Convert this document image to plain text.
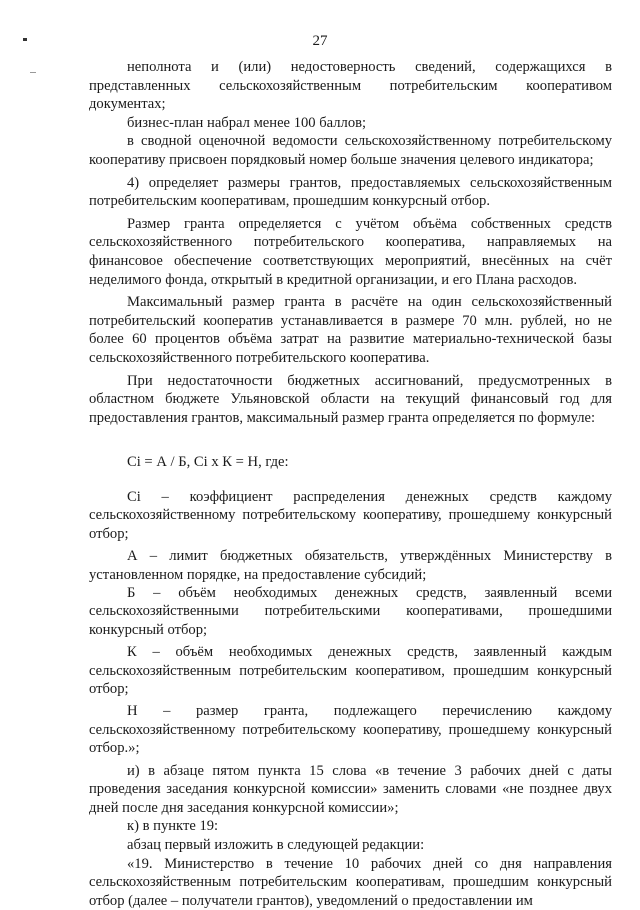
27

неполнота и (или) недостоверность сведений, содержащихся в представленных сельскохозяйственным потребительским кооперативом документах;

бизнес-план набрал менее 100 баллов;

в сводной оценочной ведомости сельскохозяйственному потребительскому кооперативу присвоен порядковый номер больше значения целевого индикатора;

4) определяет размеры грантов, предоставляемых сельскохозяйственным потребительским кооперативам, прошедшим конкурсный отбор.

Размер гранта определяется с учётом объёма собственных средств сельскохозяйственного потребительского кооператива, направляемых на финансовое обеспечение соответствующих мероприятий, внесённых на счёт неделимого фонда, открытый в кредитной организации, и его Плана расходов.

Максимальный размер гранта в расчёте на один сельскохозяйственный потребительский кооператив устанавливается в размере 70 млн. рублей, но не более 60 процентов объёма затрат на развитие материально-технической базы сельскохозяйственного потребительского кооператива.

При недостаточности бюджетных ассигнований, предусмотренных в областном бюджете Ульяновской области на текущий финансовый год для предоставления грантов, максимальный размер гранта определяется по формуле:

Ci = А / Б, Ci х К = Н, где:

Ci – коэффициент распределения денежных средств каждому сельскохозяйственному потребительскому кооперативу, прошедшему конкурсный отбор;

А – лимит бюджетных обязательств, утверждённых Министерству в установленном порядке, на предоставление субсидий;

Б – объём необходимых денежных средств, заявленный всеми сельскохозяйственными потребительскими кооперативами, прошедшими конкурсный отбор;

К – объём необходимых денежных средств, заявленный каждым сельскохозяйственным потребительским кооперативом, прошедшим конкурсный отбор;

Н – размер гранта, подлежащего перечислению каждому сельскохозяйственному потребительскому кооперативу, прошедшему конкурсный отбор.»;

и) в абзаце пятом пункта 15 слова «в течение 3 рабочих дней с даты проведения заседания конкурсной комиссии» заменить словами «не позднее двух дней после дня заседания конкурсной комиссии»;

к) в пункте 19:

абзац первый изложить в следующей редакции:

«19. Министерство в течение 10 рабочих дней со дня направления сельскохозяйственным потребительским кооперативам, прошедшим конкурсный отбор (далее – получатели грантов), уведомлений о предоставлении им
